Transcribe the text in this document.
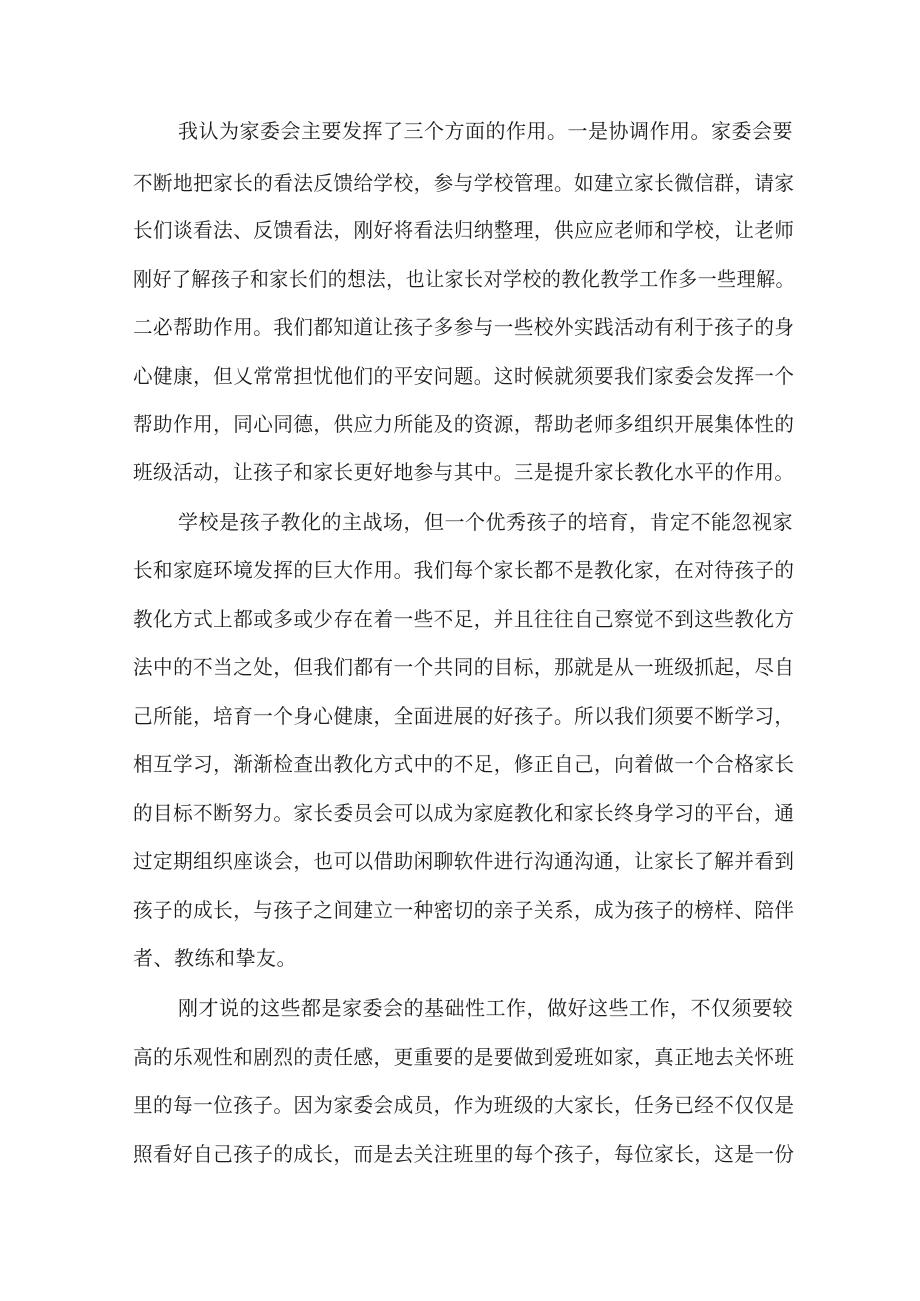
我认为家委会主要发挥了三个方面的作用。一是协调作用。家委会要

不断地把家长的看法反馈给学校，参与学校管理。如建立家长微信群，请家

长们谈看法、反馈看法，刚好将看法归纳整理，供应应老师和学校，让老师

刚好了解孩子和家长们的想法，也让家长对学校的教化教学工作多一些理解。

二必帮助作用。我们都知道让孩子多参与一些校外实践活动有利于孩子的身

心健康，但乂常常担忧他们的平安问题。这时候就须要我们家委会发挥一个

帮助作用，同心同德，供应力所能及的资源，帮助老师多组织开展集体性的

班级活动，让孩子和家长更好地参与其中。三是提升家长教化水平的作用。

学校是孩子教化的主战场，但一个优秀孩子的培育，肯定不能忽视家

长和家庭环境发挥的巨大作用。我们每个家长都不是教化家，在对待孩子的

教化方式上都或多或少存在着一些不足，并且往往自己察觉不到这些教化方

法中的不当之处，但我们都有一个共同的目标，那就是从一班级抓起，尽自

己所能，培育一个身心健康，全面进展的好孩子。所以我们须要不断学习，

相互学习，渐渐检查出教化方式中的不足，修正自己，向着做一个合格家长

的目标不断努力。家长委员会可以成为家庭教化和家长终身学习的平台，通

过定期组织座谈会，也可以借助闲聊软件进行沟通沟通，让家长了解并看到

孩子的成长，与孩子之间建立一种密切的亲子关系，成为孩子的榜样、陪伴

者、教练和挚友。

刚才说的这些都是家委会的基础性工作，做好这些工作，不仅须要较

高的乐观性和剧烈的责任感，更重要的是要做到爱班如家，真正地去关怀班

里的每一位孩子。因为家委会成员，作为班级的大家长，任务已经不仅仅是

照看好自己孩子的成长，而是去关注班里的每个孩子，每位家长，这是一份
